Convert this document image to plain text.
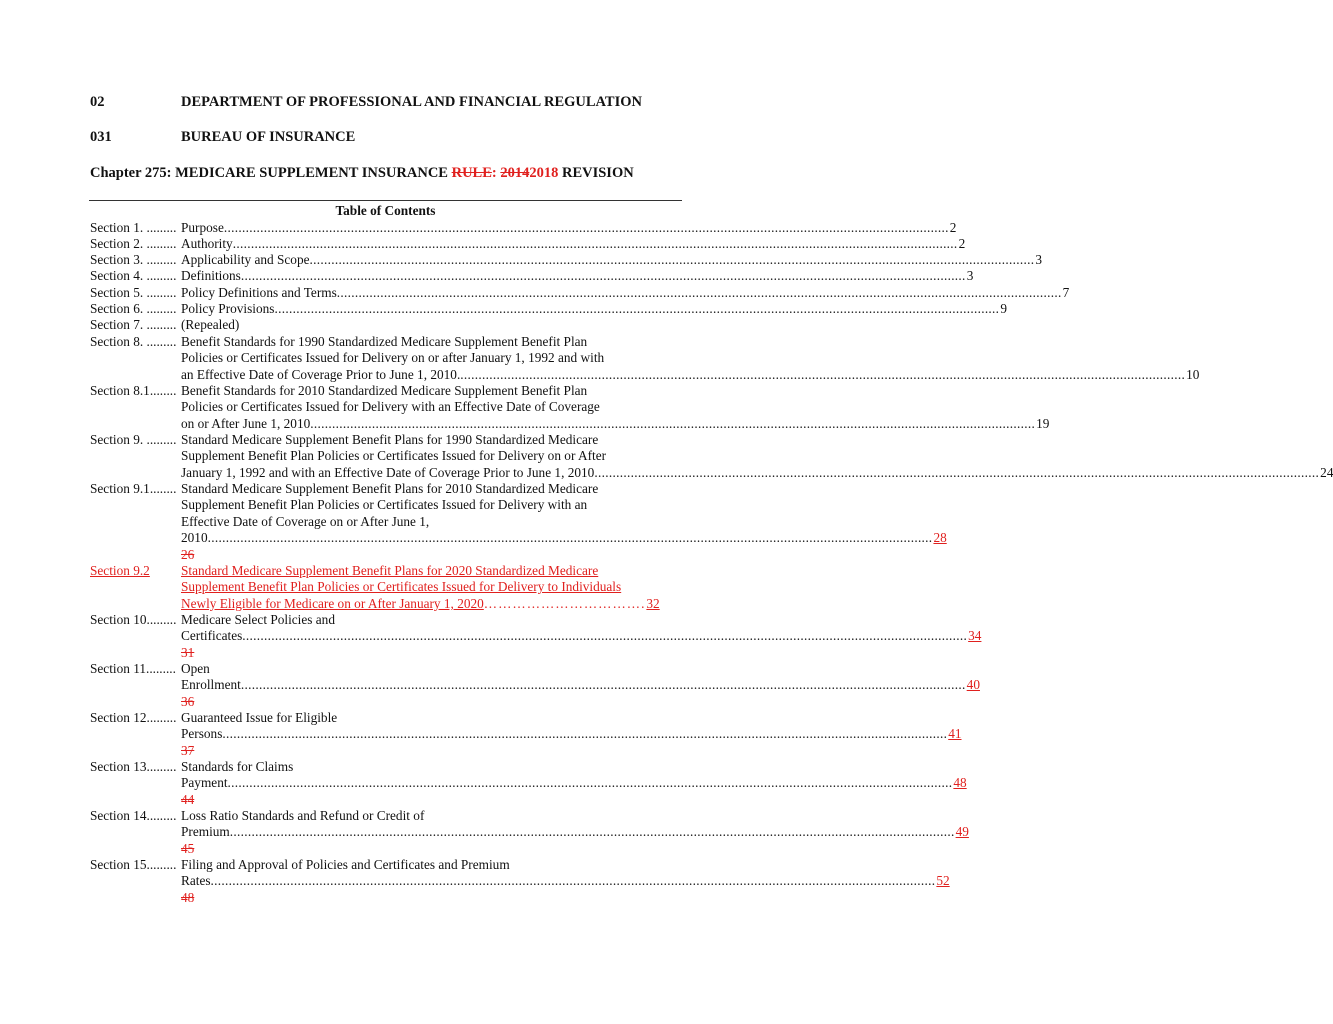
02	DEPARTMENT OF PROFESSIONAL AND FINANCIAL REGULATION
031	BUREAU OF INSURANCE
Chapter 275: MEDICARE SUPPLEMENT INSURANCE RULE: 20142018 REVISION
Table of Contents
Section 1. ......... Purpose ........................................................................................................................................................................................................ 2
Section 2. ......... Authority ........................................................................................................................................................................................................ 2
Section 3. ......... Applicability and Scope ........................................................................................................................................................................................................ 3
Section 4. ......... Definitions ........................................................................................................................................................................................................ 3
Section 5. ......... Policy Definitions and Terms ........................................................................................................................................................................................................ 7
Section 6. ......... Policy Provisions ........................................................................................................................................................................................................ 9
Section 7. ......... (Repealed)
Section 8. ......... Benefit Standards for 1990 Standardized Medicare Supplement Benefit Plan
Policies or Certificates Issued for Delivery on or after January 1, 1992 and with
an Effective Date of Coverage Prior to June 1, 2010. ........................................................................................................................................................................................................ 10
Section 8.1........ Benefit Standards for 2010 Standardized Medicare Supplement Benefit Plan
Policies or Certificates Issued for Delivery with an Effective Date of Coverage
on or After June 1, 2010 ........................................................................................................................................................................................................ 19
Section 9. ......... Standard Medicare Supplement Benefit Plans for 1990 Standardized Medicare
Supplement Benefit Plan Policies or Certificates Issued for Delivery on or After
January 1, 1992 and with an Effective Date of Coverage Prior to June 1, 2010 ........................................................................................................................................................................................................ 24
Section 9.1........ Standard Medicare Supplement Benefit Plans for 2010 Standardized Medicare
Supplement Benefit Plan Policies or Certificates Issued for Delivery with an
Effective Date of Coverage on or After June 1,
2010 ........................................................................................................................................................................................................ 28
26
Section 9.2 Standard Medicare Supplement Benefit Plans for 2020 Standardized Medicare
Supplement Benefit Plan Policies or Certificates Issued for Delivery to Individuals
Newly Eligible for Medicare on or After January 1, 2020 ……………………………. 32
Section 10......... Medicare Select Policies and
Certificates ........................................................................................................................................................................................................ 34
31
Section 11......... Open
Enrollment ........................................................................................................................................................................................................ 40
36
Section 12......... Guaranteed Issue for Eligible
Persons ........................................................................................................................................................................................................ 41
37
Section 13......... Standards for Claims
Payment ........................................................................................................................................................................................................ 48
44
Section 14......... Loss Ratio Standards and Refund or Credit of
Premium ........................................................................................................................................................................................................ 49
45
Section 15......... Filing and Approval of Policies and Certificates and Premium
Rates ........................................................................................................................................................................................................ 52
48
